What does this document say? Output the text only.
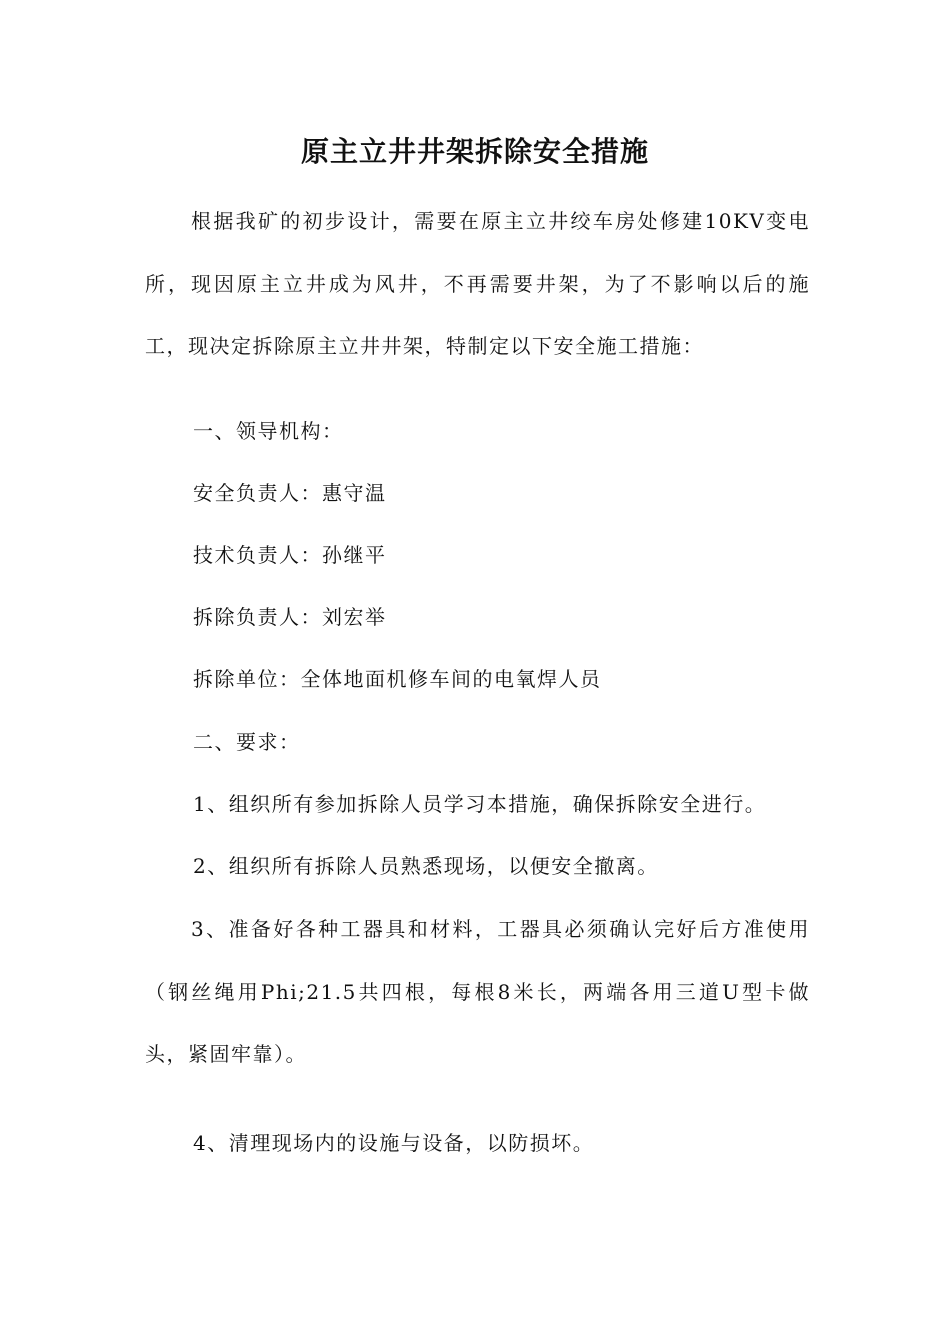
原主立井井架拆除安全措施
根据我矿的初步设计，需要在原主立井绞车房处修建10KV变电所，现因原主立井成为风井，不再需要井架，为了不影响以后的施工，现决定拆除原主立井井架，特制定以下安全施工措施：
一、领导机构：
安全负责人：惠守温
技术负责人：孙继平
拆除负责人：刘宏举
拆除单位：全体地面机修车间的电氧焊人员
二、要求：
1、组织所有参加拆除人员学习本措施，确保拆除安全进行。
2、组织所有拆除人员熟悉现场，以便安全撤离。
3、准备好各种工器具和材料，工器具必须确认完好后方准使用（钢丝绳用Phi;21.5共四根，每根8米长，两端各用三道U型卡做头，紧固牢靠）。
4、清理现场内的设施与设备，以防损坏。
